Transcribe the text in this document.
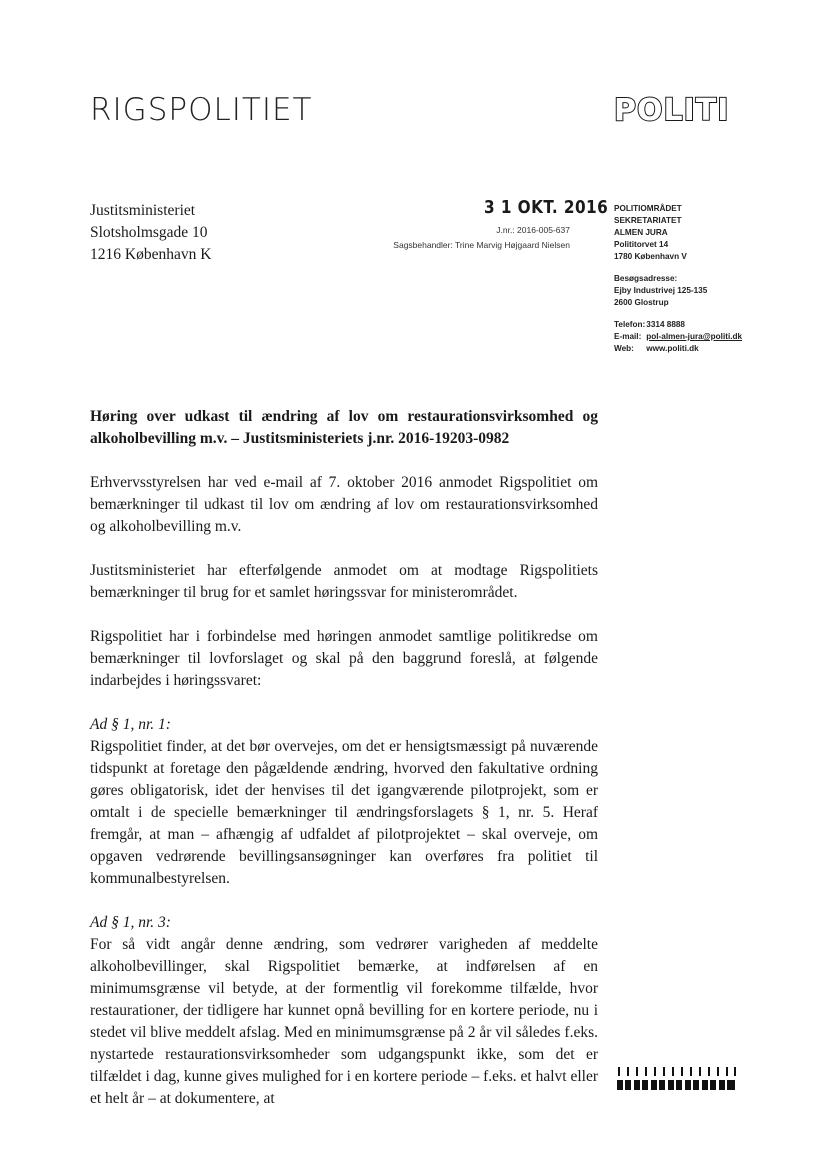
RIGSPOLITIET	POLITI
Justitsministeriet
Slotsholmsgade 10
1216 København K
3 1 OKT. 2016
J.nr.: 2016-005-637
Sagsbehandler: Trine Marvig Højgaard Nielsen
POLITIOMRÅDET
SEKRETARIATET
ALMEN JURA
Polititorvet 14
1780 København V
Besøgsadresse:
Ejby Industrivej 125-135
2600 Glostrup
Telefon: 3314 8888
E-mail: pol-almen-jura@politi.dk
Web: www.politi.dk

Høring over udkast til ændring af lov om restaurationsvirksomhed og alkoholbevilling m.v. – Justitsministeriets j.nr. 2016-19203-0982

Erhvervsstyrelsen har ved e-mail af 7. oktober 2016 anmodet Rigspolitiet om bemærkninger til udkast til lov om ændring af lov om restaurationsvirksomhed og alkoholbevilling m.v.

Justitsministeriet har efterfølgende anmodet om at modtage Rigspolitiets bemærkninger til brug for et samlet høringssvar for ministerområdet.

Rigspolitiet har i forbindelse med høringen anmodet samtlige politikredse om bemærkninger til lovforslaget og skal på den baggrund foreslå, at følgende indarbejdes i høringssvaret:

Ad § 1, nr. 1:

Rigspolitiet finder, at det bør overvejes, om det er hensigtsmæssigt på nuværende tidspunkt at foretage den pågældende ændring, hvorved den fakultative ordning gøres obligatorisk, idet der henvises til det igangværende pilotprojekt, som er omtalt i de specielle bemærkninger til ændringsforslagets § 1, nr. 5. Heraf fremgår, at man – afhængig af udfaldet af pilotprojektet – skal overveje, om opgaven vedrørende bevillingsansøgninger kan overføres fra politiet til kommunalbestyrelsen.

Ad § 1, nr. 3:

For så vidt angår denne ændring, som vedrører varigheden af meddelte alkoholbevillinger, skal Rigspolitiet bemærke, at indførelsen af en minimumsgrænse vil betyde, at der formentlig vil forekomme tilfælde, hvor restaurationer, der tidligere har kunnet opnå bevilling for en kortere periode, nu i stedet vil blive meddelt afslag. Med en minimumsgrænse på 2 år vil således f.eks. nystartede restaurationsvirksomheder som udgangspunkt ikke, som det er tilfældet i dag, kunne gives mulighed for i en kortere periode – f.eks. et halvt eller et helt år – at dokumentere, at
